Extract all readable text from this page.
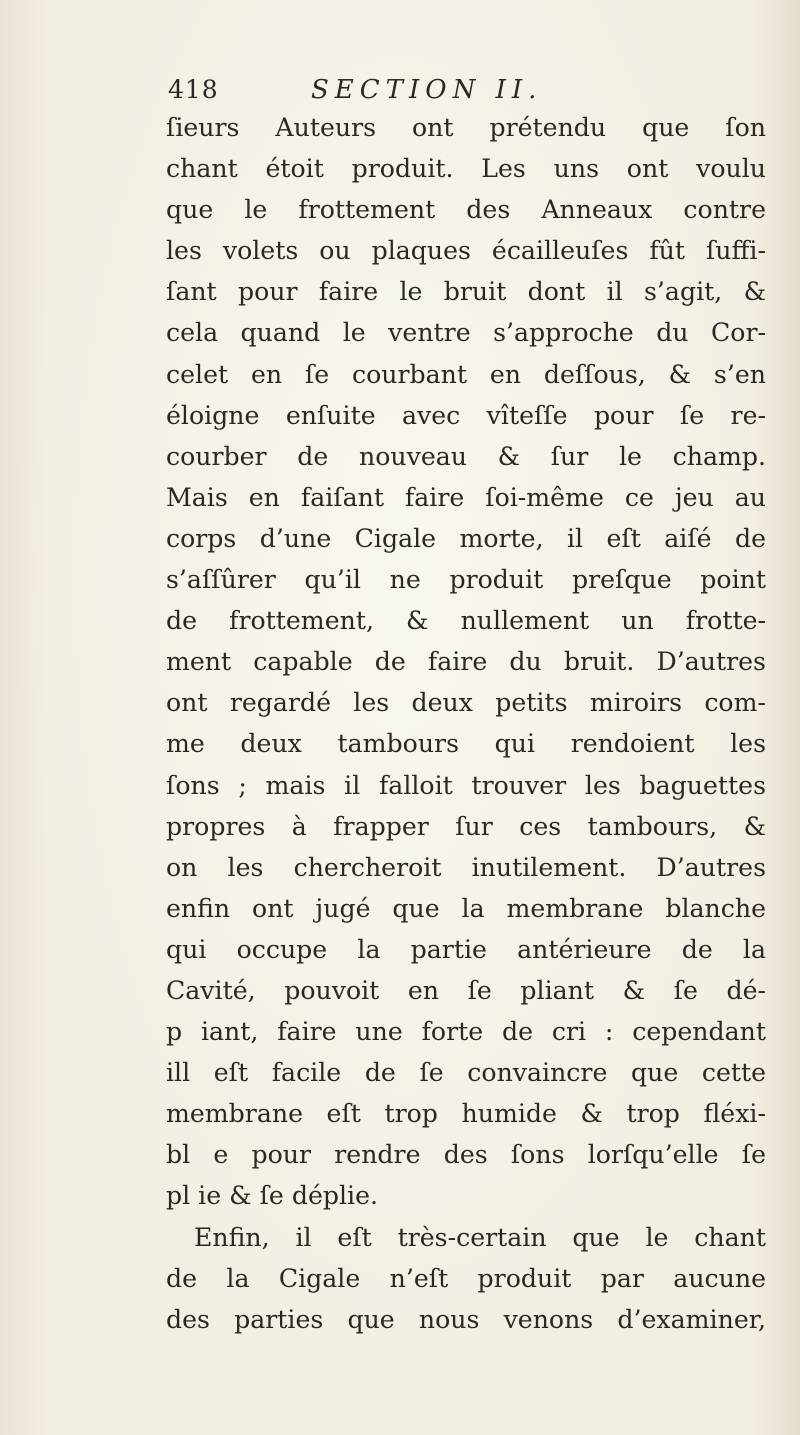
418	SECTION II.
ſieurs Auteurs ont prétendu que ſon
chant étoit produit. Les uns ont voulu
que le frottement des Anneaux contre
les volets ou plaques écailleuſes fût ſuffi-
ſant pour faire le bruit dont il s’agit, &
cela quand le ventre s’approche du Cor-
celet en ſe courbant en deſſous, & s’en
éloigne enſuite avec vîteſſe pour ſe re-
courber de nouveau & ſur le champ.
Mais en faiſant faire ſoi-même ce jeu au
corps d’une Cigale morte, il eſt aiſé de
s’aſſûrer qu’il ne produit preſque point
de frottement, & nullement un frotte-
ment capable de faire du bruit. D’autres
ont regardé les deux petits miroirs com-
me deux tambours qui rendoient les
ſons ; mais il falloit trouver les baguettes
propres à frapper ſur ces tambours, &
on les chercheroit inutilement. D’autres
enfin ont jugé que la membrane blanche
qui occupe la partie antérieure de la
Cavité, pouvoit en ſe pliant & ſe dé-
p iant, faire une forte de cri : cependant
ill eſt facile de ſe convaincre que cette
membrane eſt trop humide & trop fléxi-
bl e pour rendre des ſons lorſqu’elle ſe
pl ie & ſe déplie.
Enfin, il eſt très-certain que le chant
de la Cigale n’eſt produit par aucune
des parties que nous venons d’examiner,
